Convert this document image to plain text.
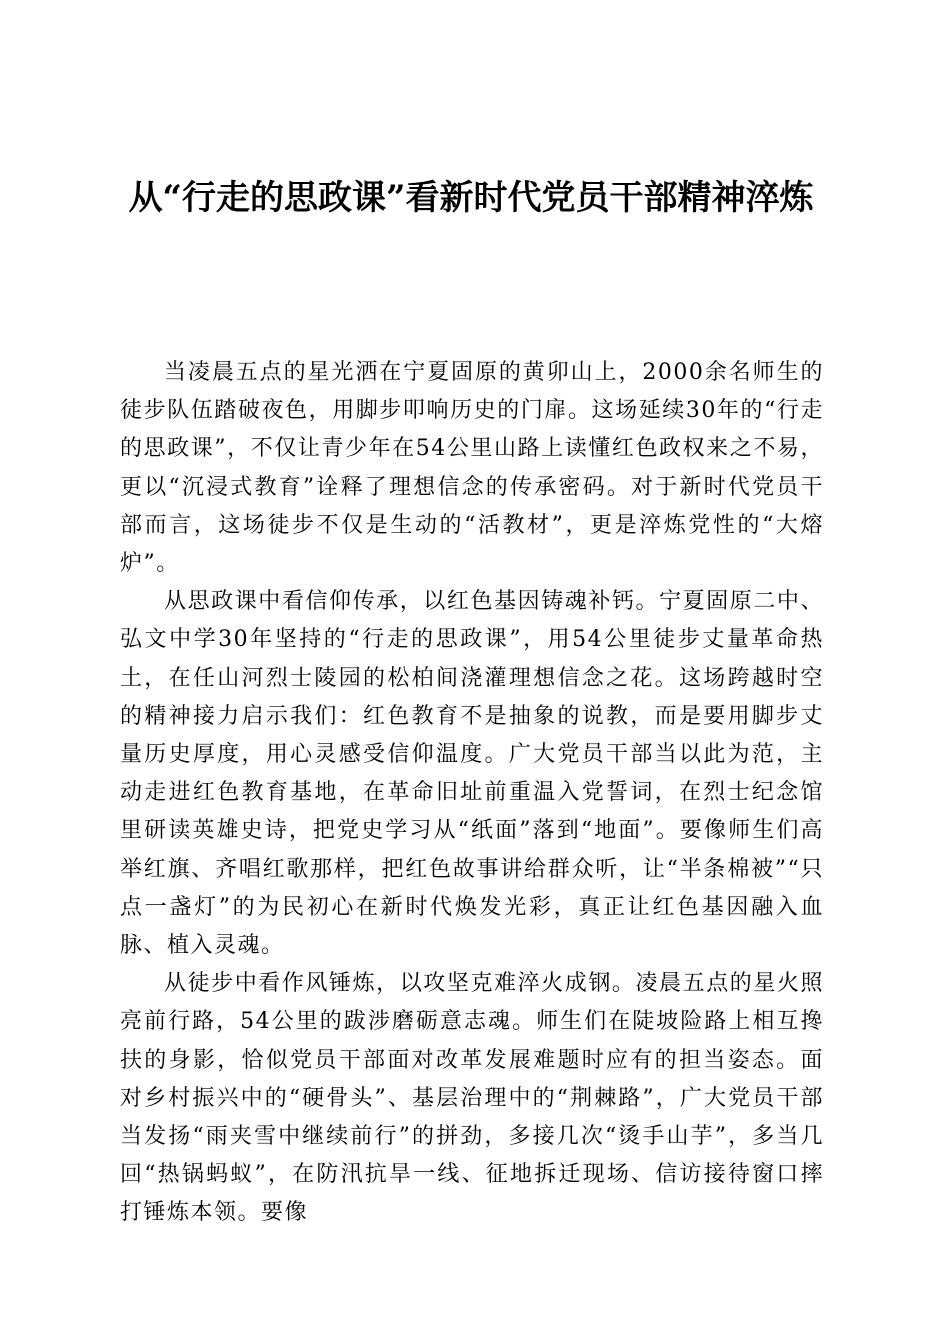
从“行走的思政课”看新时代党员干部精神淬炼

当凌晨五点的星光洒在宁夏固原的黄卯山上，2000余名师生的徒步队伍踏破夜色，用脚步叩响历史的门扉。这场延续30年的“行走的思政课”，不仅让青少年在54公里山路上读懂红色政权来之不易，更以“沉浸式教育”诠释了理想信念的传承密码。对于新时代党员干部而言，这场徒步不仅是生动的“活教材”，更是淬炼党性的“大熔炉”。

从思政课中看信仰传承，以红色基因铸魂补钙。宁夏固原二中、弘文中学30年坚持的“行走的思政课”，用54公里徒步丈量革命热土，在任山河烈士陵园的松柏间浇灌理想信念之花。这场跨越时空的精神接力启示我们：红色教育不是抽象的说教，而是要用脚步丈量历史厚度，用心灵感受信仰温度。广大党员干部当以此为范，主动走进红色教育基地，在革命旧址前重温入党誓词，在烈士纪念馆里研读英雄史诗，把党史学习从“纸面”落到“地面”。要像师生们高举红旗、齐唱红歌那样，把红色故事讲给群众听，让“半条棉被”“只点一盏灯”的为民初心在新时代焕发光彩，真正让红色基因融入血脉、植入灵魂。

从徒步中看作风锤炼，以攻坚克难淬火成钢。凌晨五点的星火照亮前行路，54公里的跋涉磨砺意志魂。师生们在陡坡险路上相互搀扶的身影，恰似党员干部面对改革发展难题时应有的担当姿态。面对乡村振兴中的“硬骨头”、基层治理中的“荆棘路”，广大党员干部当发扬“雨夹雪中继续前行”的拼劲，多接几次“烫手山芋”，多当几回“热锅蚂蚁”，在防汛抗旱一线、征地拆迁现场、信访接待窗口摔打锤炼本领。要像
